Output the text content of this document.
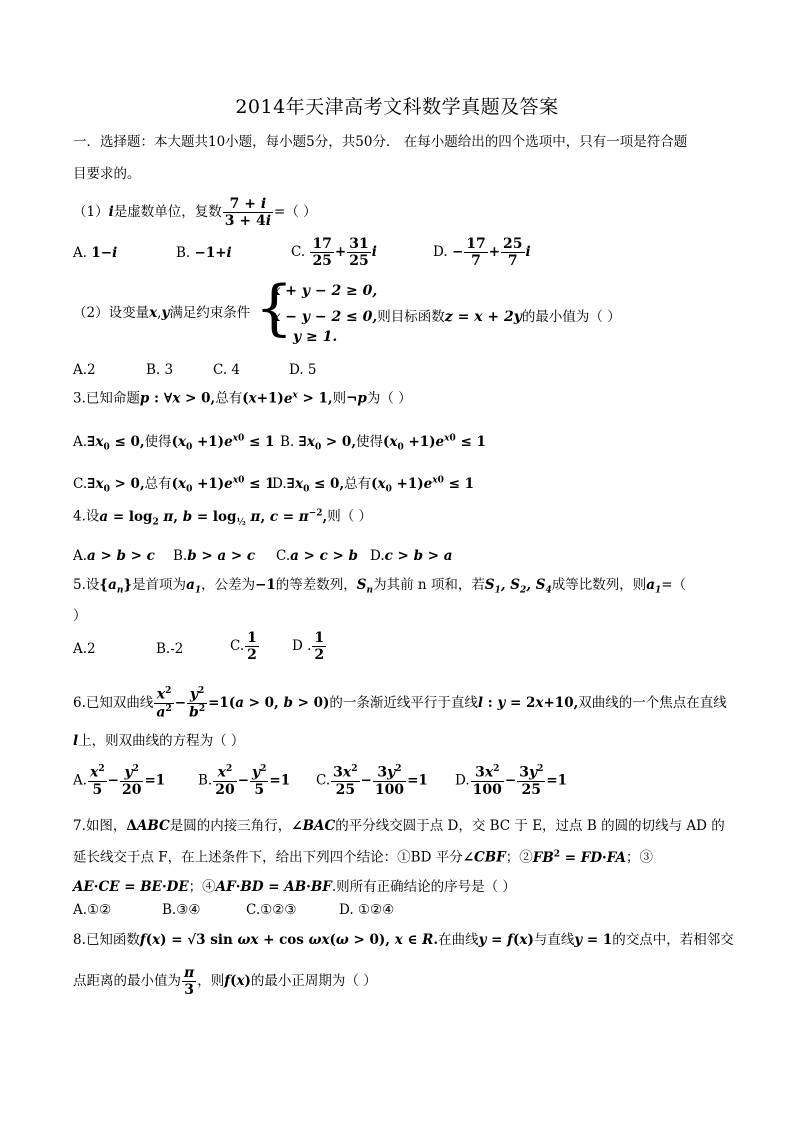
2014年天津高考文科数学真题及答案
一．选择题：本大题共10小题，每小题5分，共50分． 在每小题给出的四个选项中，只有一项是符合题
目要求的。
（1）i是虚数单位，复数 $\frac{7 + i}{3 + 4i}$ =（ ）
A. 1−i	B. −1+i	C. $\frac{17}{25} + \frac{31}{25}$ i	D. − $\frac{17}{7} + \frac{25}{7}$ i
（2）设变量x,y满足约束条件 {
x + y − 2 ≥ 0,
x − y − 2 ≤ 0,则目标函数z = x + 2y的最小值为（ ）
y ≥ 1.
A.2	B. 3	C. 4	D. 5
3.已知命题p : ∀x > 0,总有$(x+1)e^x > 1$,则¬p为（ ）
$A.\exists x_0 \le 0$,使得$(x_0 +1)e^{x0} \le 1$ B. $\exists x_0 > 0$,使得$(x_0 +1)e^{x0} \le 1$
$C.\exists x_0 > 0$,总有$(x_0 +1)e^{x0} \le 1$
$D.\exists x_0 \le 0$,总有$(x_0 +1)e^{x0} \le 1$
4.设$a = \log_2 \pi$, $b = \log_{\frac{1}{2}} \pi$, $c = \pi^{-2}$,则（ ）
A.a > b > c B.b > a > c C.a > c > b D.c > b > a
5.设$\{a_n\}$是首项为$a_1$，公差为−1的等差数列，$S_n$为其前 n 项和，若$S_1$, $S_2$, $S_4$成等比数列，则$a_1=$（
）
A.2	B.-2	C. $\frac{1}{2}$ D . $\frac{1}{2}$
6.已知双曲线 $\frac{x^2}{a^2} - \frac{y^2}{b^2} =1(a > 0$, b > 0)的一条渐近线平行于直线l : y = 2x+10,双曲线的一个焦点在直线
l上，则双曲线的方程为（ ）
A. $\frac{x^2}{5} - \frac{y^2}{20} =1$ B. $\frac{x^2}{20} - \frac{y^2}{5} =1$ C. $\frac{3x^2}{25} - \frac{3y^2}{100} =1$ D. $\frac{3x^2}{100} - \frac{3y^2}{25} =1$
7.如图，ΔABC是圆的内接三角行，∠BAC的平分线交圆于点 D，交 BC 于 E，过点 B 的圆的切线与 AD 的
延长线交于点 F，在上述条件下，给出下列四个结论：①BD 平分∠CBF；$②FB^2 = FD\cdot FA$；③
AE·CE = BE·DE；④AF·BD = AB·BF.则所有正确结论的序号是（ ）
A.①②	B.③④	C.①②③	D. ①②④
8.已知函数f(x) = √3 sin ωx + cos ωx(ω > 0), x ∈ R.在曲线y = f(x)与直线y = 1的交点中，若相邻交
点距离的最小值为 $\frac{\pi}{3}$ ，则f(x)的最小正周期为（ ）
